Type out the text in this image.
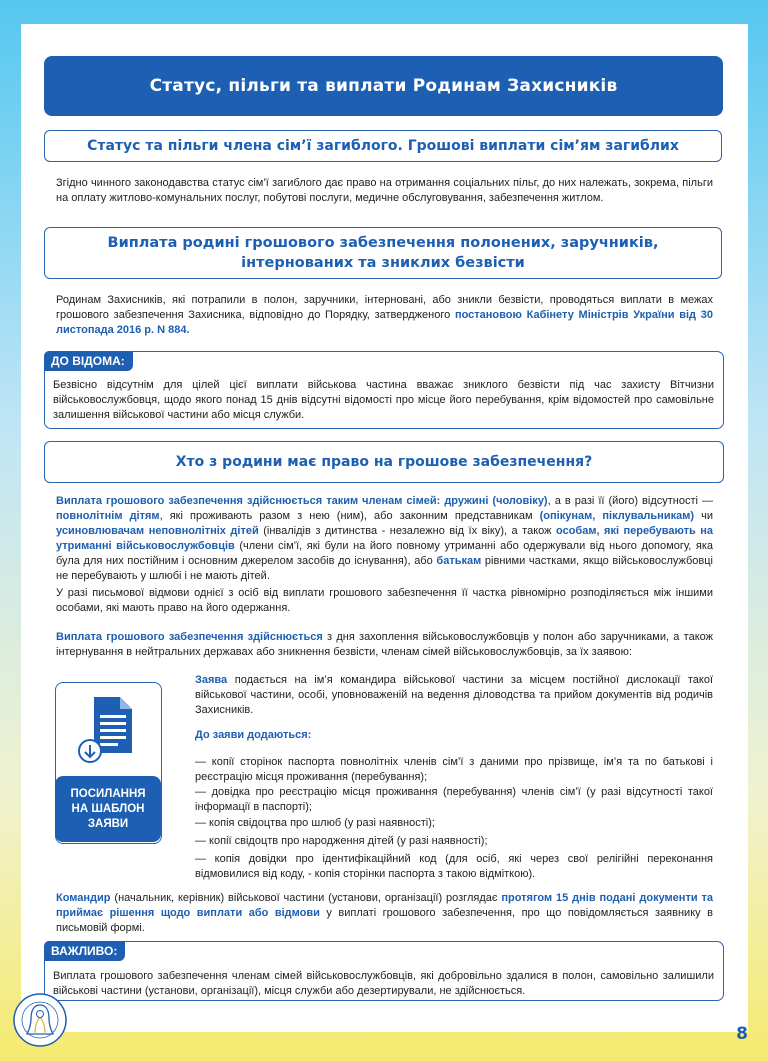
Статус, пільги та виплати Родинам Захисників
Статус та пільги члена сім’ї загиблого. Грошові виплати сім’ям загиблих

Згідно чинного законодавства статус сім’ї загиблого дає право на отримання соціальних пільг, до них належать, зокрема, пільги на оплату житлово-комунальних послуг, побутові послуги, медичне обслуговування, забезпечення житлом.

Виплата родині грошового забезпечення полонених, заручників,
інтернованих та зниклих безвісти

Родинам Захисників, які потрапили в полон, заручники, інтерновані, або зникли безвісти, проводяться виплати в межах грошового забезпечення Захисника, відповідно до Порядку, затвердженого постановою Кабінету Міністрів України від 30 листопада 2016 р. N 884.

ДО ВІДОМА:

Безвісно відсутнім для цілей цієї виплати військова частина вважає зниклого безвісти під час захисту Вітчизни військовослужбовця, щодо якого понад 15 днів відсутні відомості про місце його перебування, крім відомостей про самовільне залишення військової частини або місця служби.

Хто з родини має право на грошове забезпечення?

Виплата грошового забезпечення здійснюється таким членам сімей: дружині (чоловіку), а в разі її (його) відсутності — повнолітнім дітям, які проживають разом з нею (ним), або законним представникам (опікунам, піклувальникам) чи усиновлювачам неповнолітніх дітей (інвалідів з дитинства - незалежно від їх віку), а також особам, які перебувають на утриманні військовослужбовців (члени сім’ї, які були на його повному утриманні або одержували від нього допомогу, яка була для них постійним і основним джерелом засобів до існування), або батькам рівними частками, якщо військовослужбовці не перебувають у шлюбі і не мають дітей.

У разі письмової відмови однієї з осіб від виплати грошового забезпечення її частка рівномірно розподіляється між іншими особами, які мають право на його одержання.

Виплата грошового забезпечення здійснюється з дня захоплення військовослужбовців у полон або заручниками, а також інтернування в нейтральних державах або зникнення безвісти, членам сімей військовослужбовців, за їх заявою:

ПОСИЛАННЯ НА ШАБЛОН ЗАЯВИ

Заява подається на ім’я командира військової частини за місцем постійної дислокації такої військової частини, особі, уповноваженій на ведення діловодства та прийом документів від родичів Захисників.

До заяви додаються:

— копії сторінок паспорта повнолітніх членів сім’ї з даними про прізвище, ім’я та по батькові і реєстрацію місця проживання (перебування);

— довідка про реєстрацію місця проживання (перебування) членів сім’ї (у разі відсутності такої інформації в паспорті);

— копія свідоцтва про шлюб (у разі наявності);

— копії свідоцтв про народження дітей (у разі наявності);

— копія довідки про ідентифікаційний код (для осіб, які через свої релігійні переконання відмовилися від коду, - копія сторінки паспорта з такою відміткою).

Командир (начальник, керівник) військової частини (установи, організації) розглядає протягом 15 днів подані документи та приймає рішення щодо виплати або відмови у виплаті грошового забезпечення, про що повідомляється заявнику в письмовій формі.

ВАЖЛИВО:

Виплата грошового забезпечення членам сімей військовослужбовців, які добровільно здалися в полон, самовільно залишили військові частини (установи, організації), місця служби або дезертирували, не здійснюється.

8
